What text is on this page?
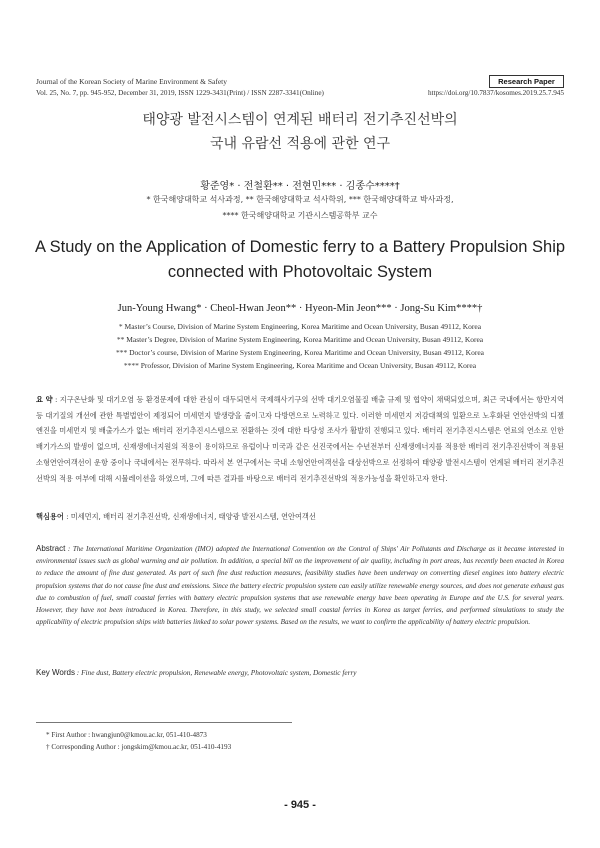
Journal of the Korean Society of Marine Environment & Safety	Research Paper
Vol. 25, No. 7, pp. 945-952, December 31, 2019, ISSN 1229-3431(Print) / ISSN 2287-3341(Online)	https://doi.org/10.7837/kosomes.2019.25.7.945
태양광 발전시스템이 연계된 배터리 전기추진선박의
국내 유람선 적용에 관한 연구
황준영* · 전철환** · 전현민*** · 김종수****†
* 한국해양대학교 석사과정, ** 한국해양대학교 석사학위, *** 한국해양대학교 박사과정,
**** 한국해양대학교 기관시스템공학부 교수
A Study on the Application of Domestic ferry to a Battery Propulsion Ship
connected with Photovoltaic System
Jun-Young Hwang* · Cheol-Hwan Jeon** · Hyeon-Min Jeon*** · Jong-Su Kim****†
* Master’s Course, Division of Marine System Engineering, Korea Maritime and Ocean University, Busan 49112, Korea
** Master’s Degree, Division of Marine System Engineering, Korea Maritime and Ocean University, Busan 49112, Korea
*** Doctor’s course, Division of Marine System Engineering, Korea Maritime and Ocean University, Busan 49112, Korea
**** Professor, Division of Marine System Engineering, Korea Maritime and Ocean University, Busan 49112, Korea
요 약 : 지구온난화 및 대기오염 등 환경문제에 대한 관심이 대두되면서 국제해사기구의 선박 대기오염물질 배출 규제 및 협약이 채택되었으며, 최근 국내에서는 항만지역 등 대기질의 개선에 관한 특별법안이 제정되어 미세먼지 발생량을 줄이고자 다방면으로 노력하고 있다. 이러한 미세먼지 저감대책의 일환으로 노후화된 연안선박의 디젤엔진을 미세먼지 및 배출가스가 없는 배터리 전기추진시스템으로 전환하는 것에 대한 타당성 조사가 활발히 진행되고 있다. 배터리 전기추진시스템은 연료의 연소로 인한 배기가스의 발생이 없으며, 신재생에너지원의 적용이 용이하므로 유럽이나 미국과 같은 선진국에서는 수년전부터 신재생에너지를 적용한 배터리 전기추진선박이 적용된 소형연안여객선이 운항 중이나 국내에서는 전무하다. 따라서 본 연구에서는 국내 소형연안여객선을 대상선박으로 선정하여 태양광 발전시스템이 연계된 배터리 전기추진선박의 적용 여부에 대해 시뮬레이션을 하였으며, 그에 따른 결과를 바탕으로 배터리 전기추진선박의 적용가능성을 확인하고자 한다.
핵심용어 : 미세먼지, 배터리 전기추진선박, 신재생에너지, 태양광 발전시스템, 연안여객선
Abstract : The International Maritime Organization (IMO) adopted the International Convention on the Control of Ships' Air Pollutants and Discharge as it became interested in environmental issues such as global warming and air pollution. In addition, a special bill on the improvement of air quality, including in port areas, has recently been enacted in Korea to reduce the amount of fine dust generated. As part of such fine dust reduction measures, feasibility studies have been underway on converting diesel engines into battery electric propulsion systems that do not cause fine dust and emissions. Since the battery electric propulsion system can easily utilize renewable energy sources, and does not generate exhaust gas due to combustion of fuel, small coastal ferries with battery electric propulsion systems that use renewable energy have been operating in Europe and the U.S. for several years. However, they have not been introduced in Korea. Therefore, in this study, we selected small coastal ferries in Korea as target ferries, and performed simulations to study the applicability of electric propulsion ships with batteries linked to solar power systems. Based on the results, we want to confirm the applicability of battery electric propulsion.
Key Words : Fine dust, Battery electric propulsion, Renewable energy, Photovoltaic system, Domestic ferry
* First Author : hwangjun0@kmou.ac.kr, 051-410-4873
† Corresponding Author : jongskim@kmou.ac.kr, 051-410-4193
- 945 -
